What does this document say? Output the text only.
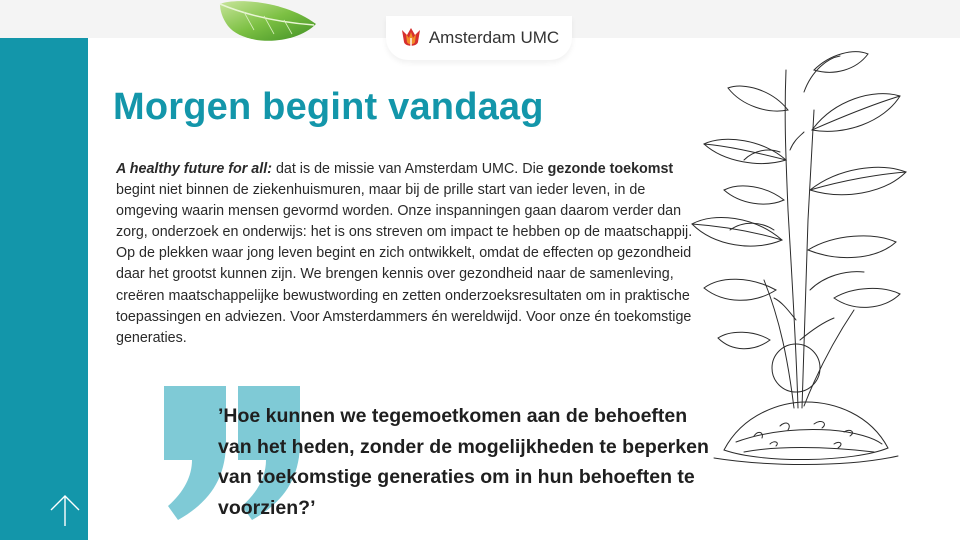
Amsterdam UMC
Morgen begint vandaag
A healthy future for all: dat is de missie van Amsterdam UMC. Die gezonde toekomst begint niet binnen de ziekenhuismuren, maar bij de prille start van ieder leven, in de omgeving waarin mensen gevormd worden. Onze inspanningen gaan daarom verder dan zorg, onderzoek en onderwijs: het is ons streven om impact te hebben op de maatschappij. Op de plekken waar jong leven begint en zich ontwikkelt, omdat de effecten op gezondheid daar het grootst kunnen zijn. We brengen kennis over gezondheid naar de samenleving, creëren maatschappelijke bewustwording en zetten onderzoeksresultaten om in praktische toepassingen en adviezen. Voor Amsterdammers én wereldwijd. Voor onze én toekomstige generaties.

’Hoe kunnen we tegemoetkomen aan de behoeften van het heden, zonder de mogelijkheden te beperken van toekomstige generaties om in hun behoeften te voorzien?’
